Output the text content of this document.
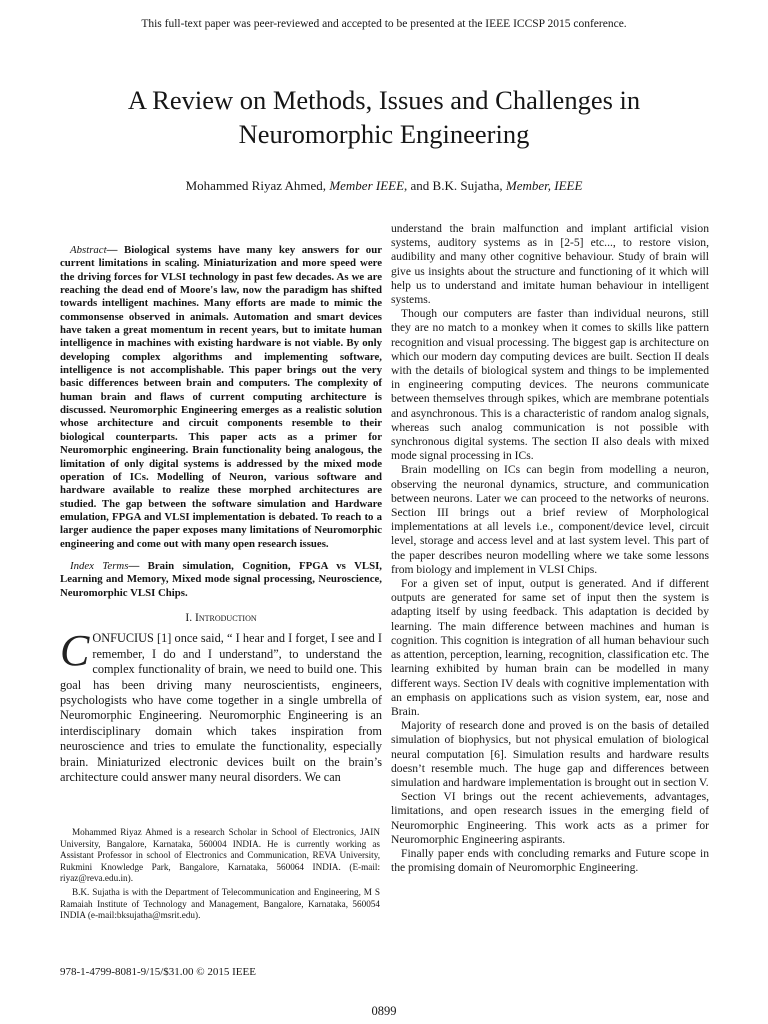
This full-text paper was peer-reviewed and accepted to be presented at the IEEE ICCSP 2015 conference.
A Review on Methods, Issues and Challenges in Neuromorphic Engineering
Mohammed Riyaz Ahmed, Member IEEE, and B.K. Sujatha, Member, IEEE

Abstract— Biological systems have many key answers for our current limitations in scaling. Miniaturization and more speed were the driving forces for VLSI technology in past few decades. As we are reaching the dead end of Moore's law, now the paradigm has shifted towards intelligent machines. Many efforts are made to mimic the commonsense observed in animals. Automation and smart devices have taken a great momentum in recent years, but to imitate human intelligence in machines with existing hardware is not viable. By only developing complex algorithms and implementing software, intelligence is not accomplishable. This paper brings out the very basic differences between brain and computers. The complexity of human brain and flaws of current computing architecture is discussed. Neuromorphic Engineering emerges as a realistic solution whose architecture and circuit components resemble to their biological counterparts. This paper acts as a primer for Neuromorphic engineering. Brain functionality being analogous, the limitation of only digital systems is addressed by the mixed mode operation of ICs. Modelling of Neuron, various software and hardware available to realize these morphed architectures are studied. The gap between the software simulation and Hardware emulation, FPGA and VLSI implementation is debated. To reach to a larger audience the paper exposes many limitations of Neuromorphic engineering and come out with many open research issues.

Index Terms— Brain simulation, Cognition, FPGA vs VLSI, Learning and Memory, Mixed mode signal processing, Neuroscience, Neuromorphic VLSI Chips.

I. Introduction

CONFUCIUS [1] once said, “ I hear and I forget, I see and I remember, I do and I understand”, to understand the complex functionality of brain, we need to build one. This goal has been driving many neuroscientists, engineers, psychologists who have come together in a single umbrella of Neuromorphic Engineering. Neuromorphic Engineering is an interdisciplinary domain which takes inspiration from neuroscience and tries to emulate the functionality, especially brain. Miniaturized electronic devices built on the brain’s architecture could answer many neural disorders. We can

Mohammed Riyaz Ahmed is a research Scholar in School of Electronics, JAIN University, Bangalore, Karnataka, 560004 INDIA. He is currently working as Assistant Professor in school of Electronics and Communication, REVA University, Rukmini Knowledge Park, Bangalore, Karnataka, 560064 INDIA. (E-mail: riyaz@reva.edu.in).

B.K. Sujatha is with the Department of Telecommunication and Engineering, M S Ramaiah Institute of Technology and Management, Bangalore, Karnataka, 560054 INDIA (e-mail:bksujatha@msrit.edu).

understand the brain malfunction and implant artificial vision systems, auditory systems as in [2-5] etc..., to restore vision, audibility and many other cognitive behaviour. Study of brain will give us insights about the structure and functioning of it which will help us to understand and imitate human behaviour in intelligent systems.

Though our computers are faster than individual neurons, still they are no match to a monkey when it comes to skills like pattern recognition and visual processing. The biggest gap is architecture on which our modern day computing devices are built. Section II deals with the details of biological system and things to be implemented in engineering computing devices. The neurons communicate between themselves through spikes, which are membrane potentials and asynchronous. This is a characteristic of random analog signals, whereas such analog communication is not possible with synchronous digital systems. The section II also deals with mixed mode signal processing in ICs.

Brain modelling on ICs can begin from modelling a neuron, observing the neuronal dynamics, structure, and communication between neurons. Later we can proceed to the networks of neurons. Section III brings out a brief review of Morphological implementations at all levels i.e., component/device level, circuit level, storage and access level and at last system level. This part of the paper describes neuron modelling where we take some lessons from biology and implement in VLSI Chips.

For a given set of input, output is generated. And if different outputs are generated for same set of input then the system is adapting itself by using feedback. This adaptation is decided by learning. The main difference between machines and human is cognition. This cognition is integration of all human behaviour such as attention, perception, learning, recognition, classification etc. The learning exhibited by human brain can be modelled in many different ways. Section IV deals with cognitive implementation with an emphasis on applications such as vision system, ear, nose and Brain.

Majority of research done and proved is on the basis of detailed simulation of biophysics, but not physical emulation of biological neural computation [6]. Simulation results and hardware results doesn’t resemble much. The huge gap and differences between simulation and hardware implementation is brought out in section V.

Section VI brings out the recent achievements, advantages, limitations, and open research issues in the emerging field of Neuromorphic Engineering. This work acts as a primer for Neuromorphic Engineering aspirants.

Finally paper ends with concluding remarks and Future scope in the promising domain of Neuromorphic Engineering.

978-1-4799-8081-9/15/$31.00 © 2015 IEEE
0899
